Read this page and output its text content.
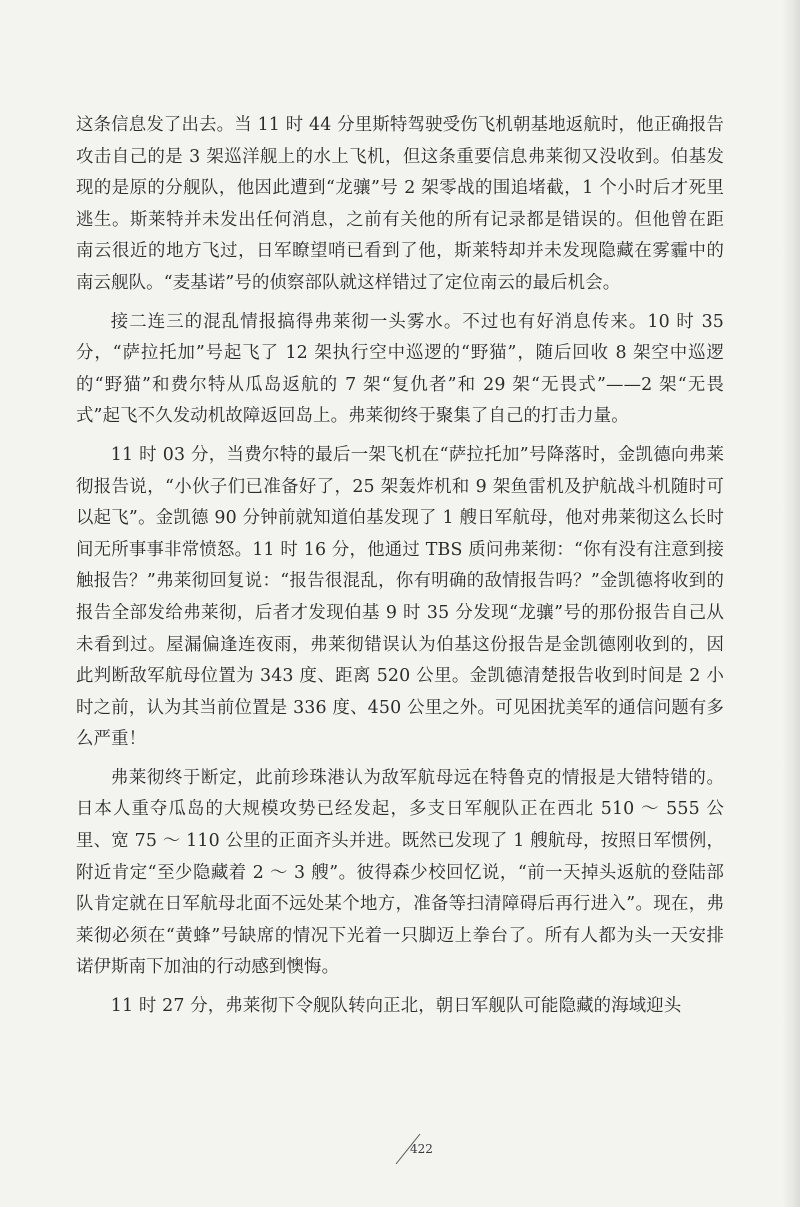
这条信息发了出去。当 11 时 44 分里斯特驾驶受伤飞机朝基地返航时，他正确报告攻击自己的是 3 架巡洋舰上的水上飞机，但这条重要信息弗莱彻又没收到。伯基发现的是原的分舰队，他因此遭到“龙骧”号 2 架零战的围追堵截，1 个小时后才死里逃生。斯莱特并未发出任何消息，之前有关他的所有记录都是错误的。但他曾在距南云很近的地方飞过，日军瞭望哨已看到了他，斯莱特却并未发现隐藏在雾霾中的南云舰队。“麦基诺”号的侦察部队就这样错过了定位南云的最后机会。

接二连三的混乱情报搞得弗莱彻一头雾水。不过也有好消息传来。10 时 35 分，“萨拉托加”号起飞了 12 架执行空中巡逻的“野猫”，随后回收 8 架空中巡逻的“野猫”和费尔特从瓜岛返航的 7 架“复仇者”和 29 架“无畏式”——2 架“无畏式”起飞不久发动机故障返回岛上。弗莱彻终于聚集了自己的打击力量。

11 时 03 分，当费尔特的最后一架飞机在“萨拉托加”号降落时，金凯德向弗莱彻报告说，“小伙子们已准备好了，25 架轰炸机和 9 架鱼雷机及护航战斗机随时可以起飞”。金凯德 90 分钟前就知道伯基发现了 1 艘日军航母，他对弗莱彻这么长时间无所事事非常愤怒。11 时 16 分，他通过 TBS 质问弗莱彻：“你有没有注意到接触报告？”弗莱彻回复说：“报告很混乱，你有明确的敌情报告吗？”金凯德将收到的报告全部发给弗莱彻，后者才发现伯基 9 时 35 分发现“龙骧”号的那份报告自己从未看到过。屋漏偏逢连夜雨，弗莱彻错误认为伯基这份报告是金凯德刚收到的，因此判断敌军航母位置为 343 度、距离 520 公里。金凯德清楚报告收到时间是 2 小时之前，认为其当前位置是 336 度、450 公里之外。可见困扰美军的通信问题有多么严重！

弗莱彻终于断定，此前珍珠港认为敌军航母远在特鲁克的情报是大错特错的。日本人重夺瓜岛的大规模攻势已经发起，多支日军舰队正在西北 510 ～ 555 公里、宽 75 ～ 110 公里的正面齐头并进。既然已发现了 1 艘航母，按照日军惯例，附近肯定“至少隐藏着 2 ～ 3 艘”。彼得森少校回忆说，“前一天掉头返航的登陆部队肯定就在日军航母北面不远处某个地方，准备等扫清障碍后再行进入”。现在，弗莱彻必须在“黄蜂”号缺席的情况下光着一只脚迈上拳台了。所有人都为头一天安排诺伊斯南下加油的行动感到懊悔。

11 时 27 分，弗莱彻下令舰队转向正北，朝日军舰队可能隐藏的海域迎头

422
